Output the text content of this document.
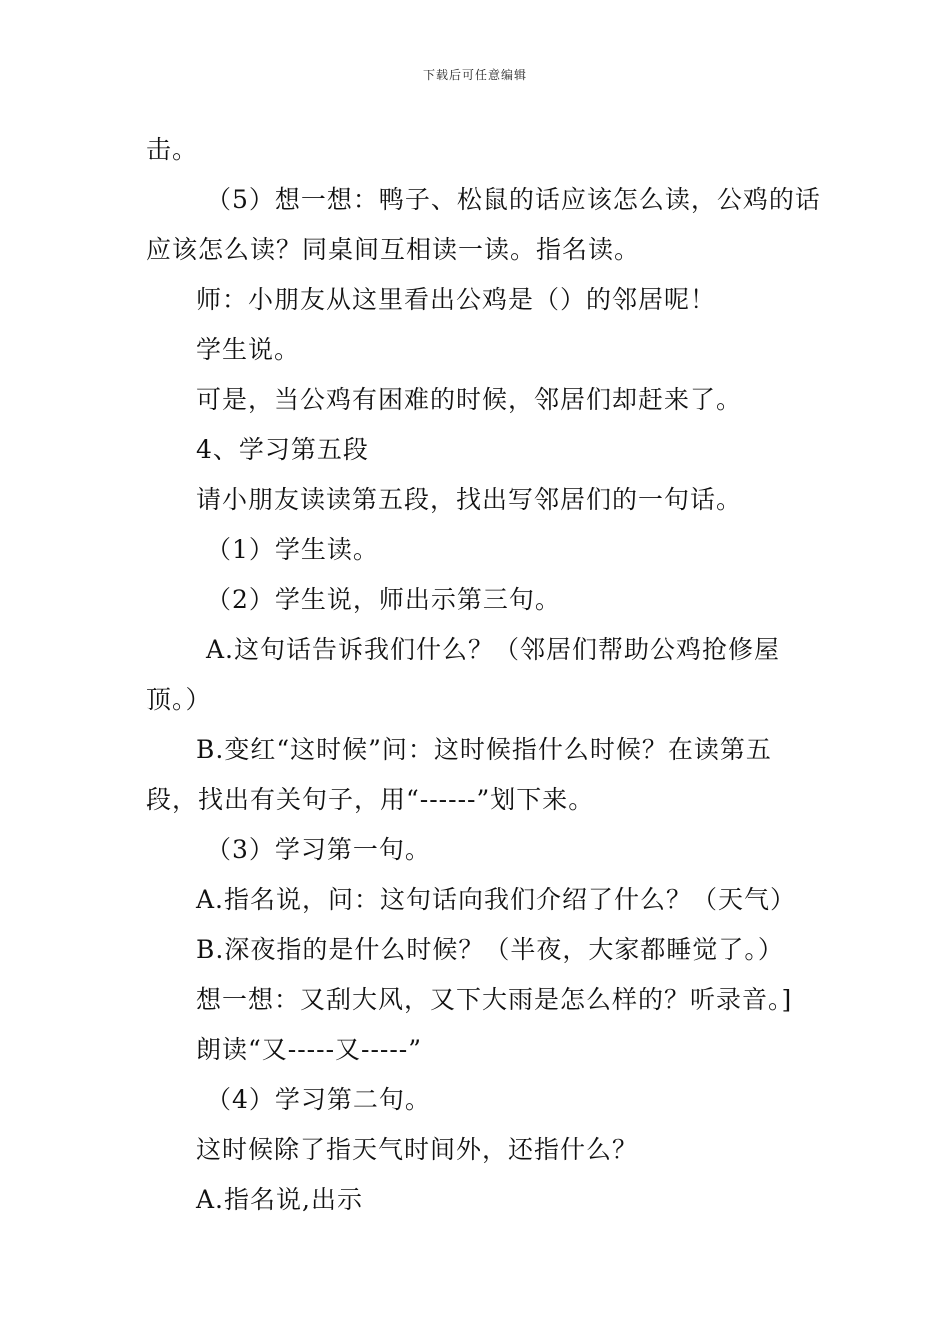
下载后可任意编辑
击。
（5）想一想：鸭子、松鼠的话应该怎么读，公鸡的话
应该怎么读？同桌间互相读一读。指名读。
师：小朋友从这里看出公鸡是（）的邻居呢！
学生说。
可是，当公鸡有困难的时候，邻居们却赶来了。
4、学习第五段
请小朋友读读第五段，找出写邻居们的一句话。
（1）学生读。
（2）学生说，师出示第三句。
A.这句话告诉我们什么？（邻居们帮助公鸡抢修屋
顶。）
B.变红“这时候”问：这时候指什么时候？在读第五
段，找出有关句子，用“------”划下来。
（3）学习第一句。
A.指名说，问：这句话向我们介绍了什么？（天气）
B.深夜指的是什么时候？（半夜，大家都睡觉了。）
想一想：又刮大风，又下大雨是怎么样的？听录音。]
朗读“又-----又-----”
（4）学习第二句。
这时候除了指天气时间外，还指什么？
A.指名说,出示
